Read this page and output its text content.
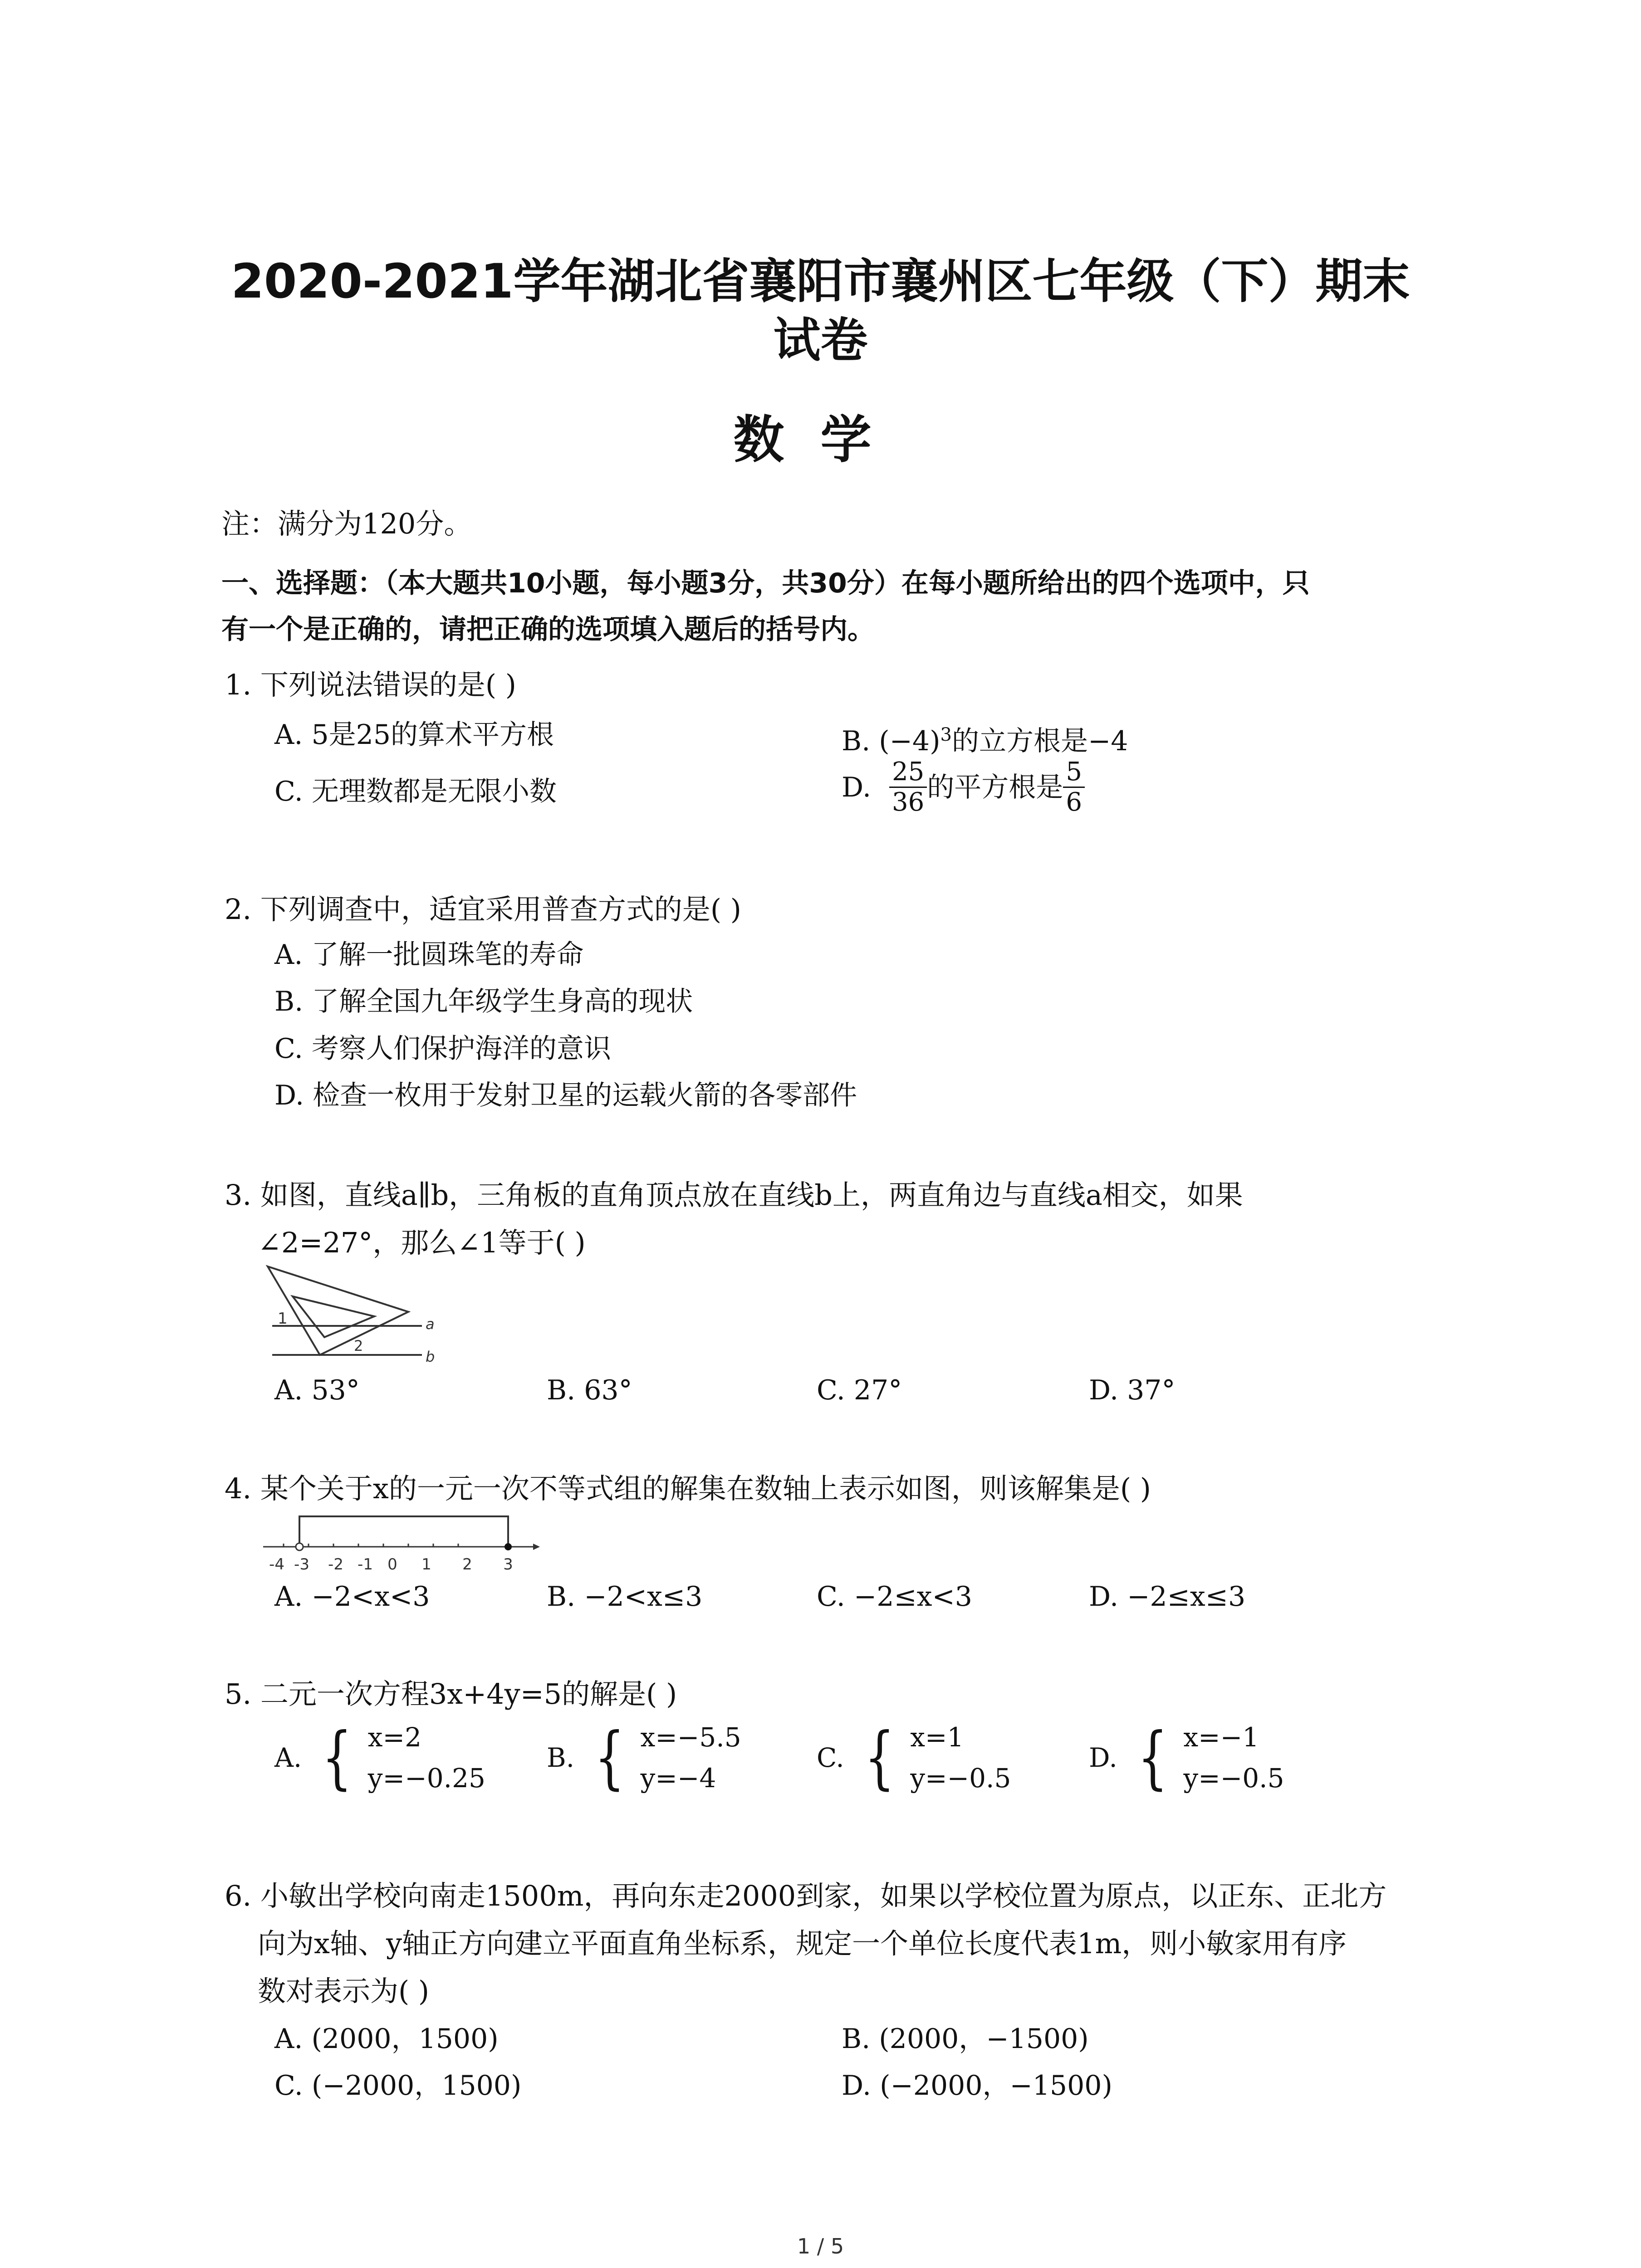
2020-2021学年湖北省襄阳市襄州区七年级（下）期末
试卷
数学
注：满分为120分。
一、选择题：（本大题共10小题，每小题3分，共30分）在每小题所给出的四个选项中，只
有一个是正确的，请把正确的选项填入题后的括号内。
1. 下列说法错误的是( )
A. 5是25的算术平方根	B. $(-4)^3$的立方根是−4
C. 无理数都是无限小数	D. $\frac{25}{36}$ 的平方根是 $\frac{5}{6}$
2. 下列调查中，适宜采用普查方式的是( )
A. 了解一批圆珠笔的寿命
B. 了解全国九年级学生身高的现状
C. 考察人们保护海洋的意识
D. 检查一枚用于发射卫星的运载火箭的各零部件
3. 如图，直线a∥b，三角板的直角顶点放在直线b上，两直角边与直线a相交，如果
∠2=27°，那么∠1等于( )
1
2
a
b
A. 53°	B. 63°	C. 27°	D. 37°
4. 某个关于x的一元一次不等式组的解集在数轴上表示如图，则该解集是( )
-4 -3 -2 -1 0 1 2 3
A. −2<x<3	B. −2<x≤3	C. −2≤x<3	D. −2≤x≤3
5. 二元一次方程3x+4y=5的解是( )
A. { x=2
y=−0.25
B. { x=−5.5
y=−4
C. { x=1
y=−0.5
D. { x=−1
y=−0.5
6. 小敏出学校向南走1500m，再向东走2000到家，如果以学校位置为原点，以正东、正北方
向为x轴、y轴正方向建立平面直角坐标系，规定一个单位长度代表1m，则小敏家用有序
数对表示为( )
A. (2000，1500)	B. (2000，−1500)
C. (−2000，1500)	D. (−2000，−1500)
1 / 5
